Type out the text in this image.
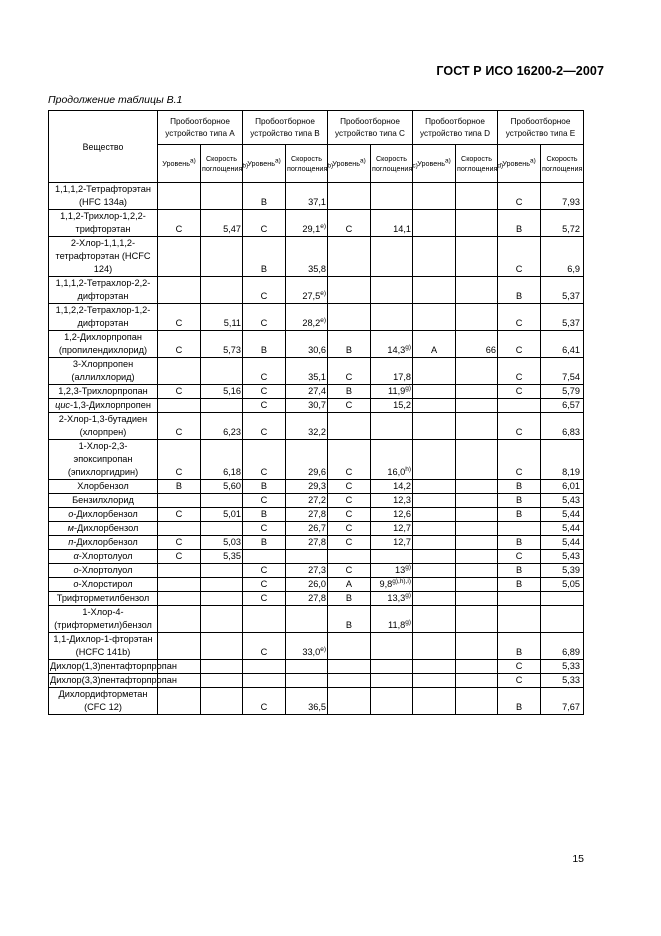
ГОСТ Р ИСО 16200-2—2007
Продолжение таблицы В.1
Вещество	Пробоотборное устройство типа A		Пробоотборное устройство типа B		Пробоотборное устройство типа C		Пробоотборное устройство типа D		Пробоотборное устройство типа E	
	Уровень$^{a)}$	Скорость поглощения$^{b)}$	Уровень$^{a)}$	Скорость поглощения$^{b)}$	Уровень$^{a)}$	Скорость поглощения$^{c)}$	Уровень$^{a)}$	Скорость поглощения$^{d)}$	Уровень$^{a)}$	Скорость поглощения
1,1,1,2-Тетрафторэтан (HFC 134a)			B	37,1					C	7,93
1,1,2-Трихлор-1,2,2-трифторэтан	C	5,47	C	29,1$^{e)}$	C	14,1			B	5,72
2-Хлор-1,1,1,2-тетрафторэтан (HCFC 124)			B	35,8					C	6,9
1,1,1,2-Тетрахлор-2,2-дифторэтан			C	27,5$^{e)}$					B	5,37
1,1,2,2-Тетрахлор-1,2-дифторэтан	C	5,11	C	28,2$^{e)}$					C	5,37
1,2-Дихлорпропан (пропилендихлорид)	C	5,73	B	30,6	B	14,3$^{g)}$	A	66	C	6,41
3-Хлорпропен (аллилхлорид)			C	35,1	C	17,8			C	7,54
1,2,3-Трихлорпропан	C	5,16	C	27,4	B	11,9$^{g)}$			C	5,79
цис-1,3-Дихлорпропен			C	30,7	C	15,2				6,57
2-Хлор-1,3-бутадиен (хлорпрен)	C	6,23	C	32,2					C	6,83
1-Хлор-2,3-эпоксипропан (эпихлоргидрин)	C	6,18	C	29,6	C	16,0$^{h)}$			C	8,19
Хлорбензол	B	5,60	B	29,3	C	14,2			B	6,01
Бензилхлорид			C	27,2	C	12,3			B	5,43
о-Дихлорбензол	C	5,01	B	27,8	C	12,6			B	5,44
м-Дихлорбензол			C	26,7	C	12,7				5,44
п-Дихлорбензол	C	5,03	B	27,8	C	12,7			B	5,44
α-Хлортолуол	C	5,35							C	5,43
о-Хлортолуол			C	27,3	C	13$^{g)}$			B	5,39
о-Хлорстирол			C	26,0	A	$9,8^{g),h),i)}$			B	5,05
Трифторметилбензол			C	27,8	B	13,3$^{g)}$				
1-Хлор-4-(трифторметил)бензол					B	11,8$^{g)}$				
1,1-Дихлор-1-фторэтан (HCFC 141b)			C	33,0$^{e)}$					B	6,89
Дихлор(1,3)пентафторпропан									C	5,33
Дихлор(3,3)пентафторпропан									C	5,33
Дихлордифторметан (CFC 12)			C	36,5					B	7,67
15
